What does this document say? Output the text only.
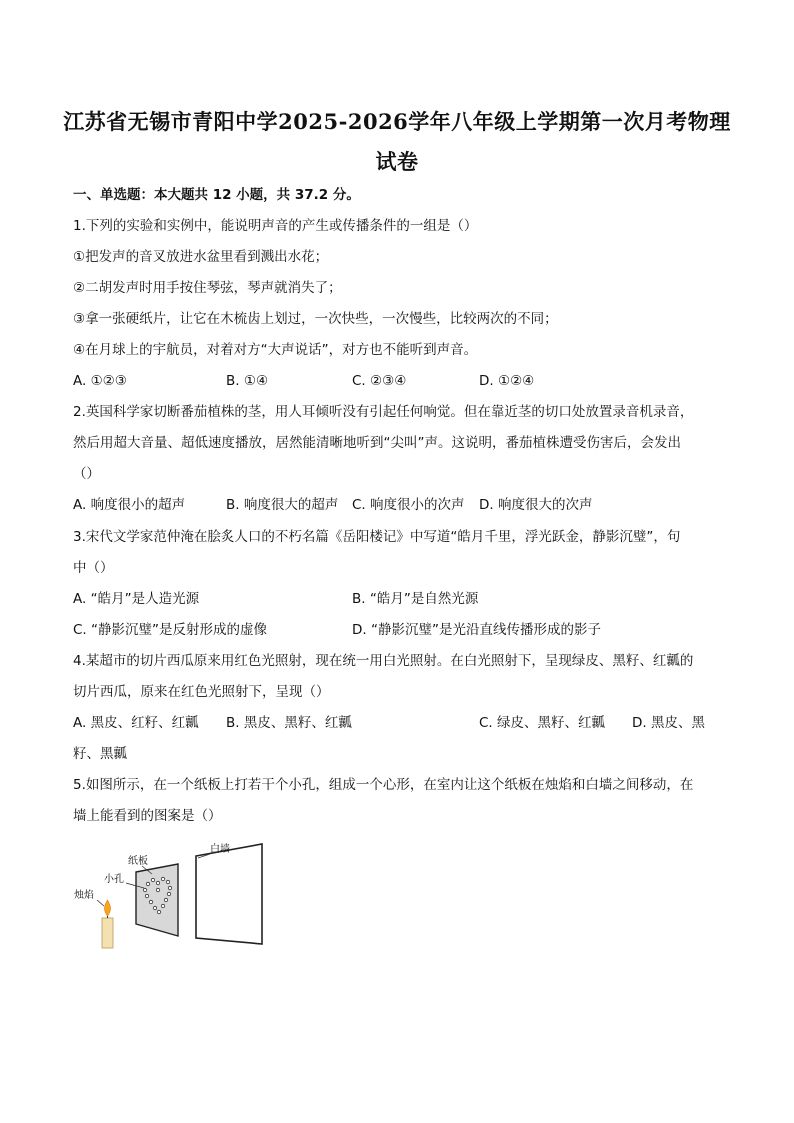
江苏省无锡市青阳中学2025-2026学年八年级上学期第一次月考物理
试卷
一、单选题：本大题共 12 小题，共 37.2 分。
1.下列的实验和实例中，能说明声音的产生或传播条件的一组是（）
①把发声的音叉放进水盆里看到溅出水花；
②二胡发声时用手按住琴弦，琴声就消失了；
③拿一张硬纸片，让它在木梳齿上划过，一次快些，一次慢些，比较两次的不同；
④在月球上的宇航员，对着对方“大声说话”，对方也不能听到声音。
A. ①②③	B. ①④	C. ②③④	D. ①②④
2.英国科学家切断番茄植株的茎，用人耳倾听没有引起任何响觉。但在靠近茎的切口处放置录音机录音，
然后用超大音量、超低速度播放，居然能清晰地听到“尖叫”声。这说明，番茄植株遭受伤害后，会发出
（）
A. 响度很小的超声	B. 响度很大的超声 C. 响度很小的次声 D. 响度很大的次声
3.宋代文学家范仲淹在脍炙人口的不朽名篇《岳阳楼记》中写道“皓月千里，浮光跃金，静影沉璧”，句
中（）
A. “皓月”是人造光源	B. “皓月”是自然光源
C. “静影沉璧”是反射形成的虚像	D. “静影沉璧”是光沿直线传播形成的影子
4.某超市的切片西瓜原来用红色光照射，现在统一用白光照射。在白光照射下，呈现绿皮、黑籽、红瓤的
切片西瓜，原来在红色光照射下，呈现（）
A. 黑皮、红籽、红瓤 B. 黑皮、黑籽、红瓤	C. 绿皮、黑籽、红瓤 D. 黑皮、黑
籽、黑瓤
5.如图所示，在一个纸板上打若干个小孔，组成一个心形，在室内让这个纸板在烛焰和白墙之间移动，在
墙上能看到的图案是（）
白墙
纸板
小孔
烛焰
